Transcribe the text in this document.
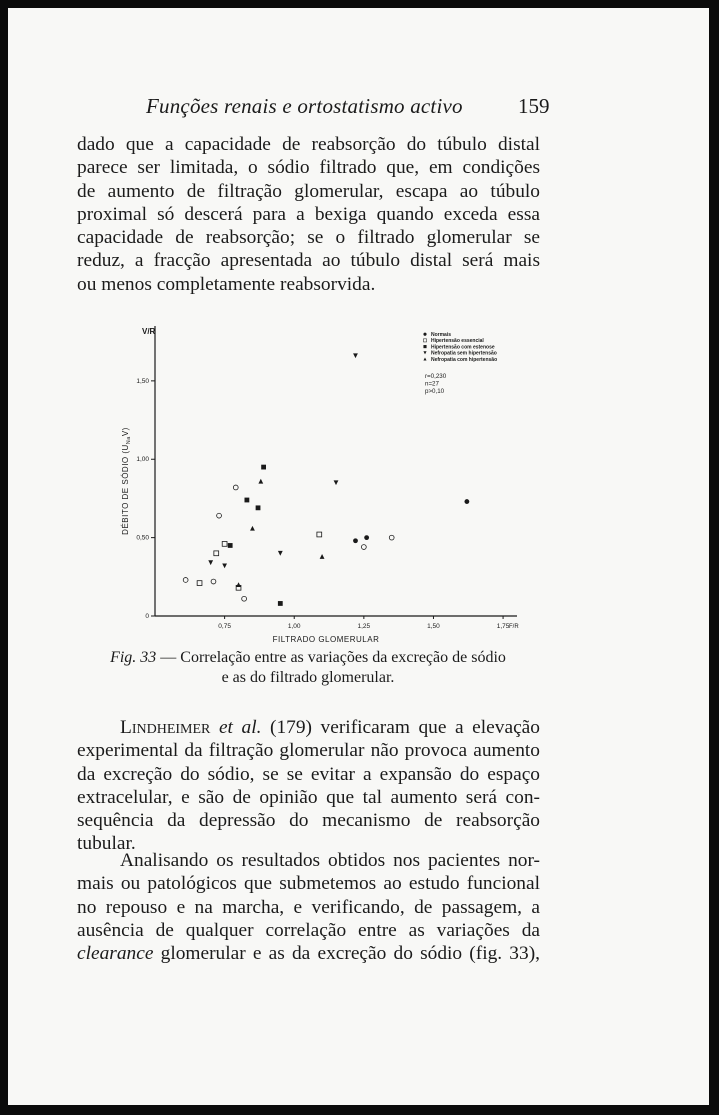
Funções renais e ortostatismo activo	159
dado que a capacidade de reabsorção do túbulo distal
parece ser limitada, o sódio filtrado que, em condições
de aumento de filtração glomerular, escapa ao túbulo
proximal só descerá para a bexiga quando exceda essa
capacidade de reabsorção; se o filtrado glomerular se
reduz, a fracção apresentada ao túbulo distal será mais
ou menos completamente reabsorvida.
V/R
F/R
0
0,50
1,00
1,50
0,75	1,00	1,25	1,50	1,75
FILTRADO GLOMERULAR
DÉBITO DE SÓDIO $(U_{Na}V)$
Normais
Hipertensão essencial
Hipertensão com estenose
Nefropatia sem hipertensão
Nefropatia com hipertensão
r=0,230
n=27
p>0,10
Fig. 33 — Correlação entre as variações da excreção de sódio
e as do filtrado glomerular.
Lindheimer et al. (179) verificaram que a elevação
experimental da filtração glomerular não provoca aumento
da excreção do sódio, se se evitar a expansão do espaço
extracelular, e são de opinião que tal aumento será con-
sequência da depressão do mecanismo de reabsorção
tubular.
Analisando os resultados obtidos nos pacientes nor-
mais ou patológicos que submetemos ao estudo funcional
no repouso e na marcha, e verificando, de passagem, a
ausência de qualquer correlação entre as variações da
clearance glomerular e as da excreção do sódio (fig. 33),
